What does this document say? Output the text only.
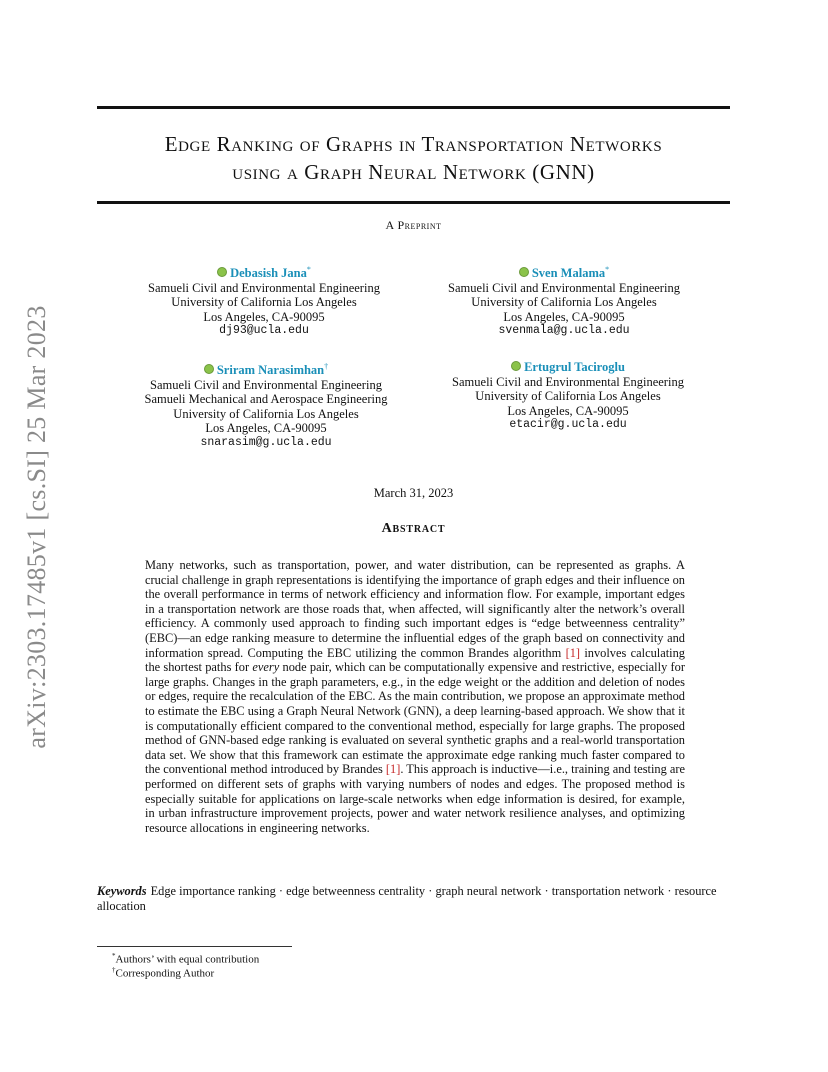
arXiv:2303.17485v1 [cs.SI] 25 Mar 2023
Edge Ranking of Graphs in Transportation Networks
using a Graph Neural Network (GNN)
A Preprint
Debasish Jana*
Samueli Civil and Environmental Engineering
University of California Los Angeles
Los Angeles, CA-90095
dj93@ucla.edu
Sven Malama*
Samueli Civil and Environmental Engineering
University of California Los Angeles
Los Angeles, CA-90095
svenmala@g.ucla.edu
Sriram Narasimhan†
Samueli Civil and Environmental Engineering
Samueli Mechanical and Aerospace Engineering
University of California Los Angeles
Los Angeles, CA-90095
snarasim@g.ucla.edu
Ertugrul Taciroglu
Samueli Civil and Environmental Engineering
University of California Los Angeles
Los Angeles, CA-90095
etacir@g.ucla.edu
March 31, 2023
Abstract
Many networks, such as transportation, power, and water distribution, can be represented as graphs. A crucial challenge in graph representations is identifying the importance of graph edges and their influence on the overall performance in terms of network efficiency and information flow. For example, important edges in a transportation network are those roads that, when affected, will significantly alter the network’s overall efficiency. A commonly used approach to finding such important edges is “edge betweenness centrality” (EBC)—an edge ranking measure to determine the influential edges of the graph based on connectivity and information spread. Computing the EBC utilizing the common Brandes algorithm [1] involves calculating the shortest paths for every node pair, which can be computationally expensive and restrictive, especially for large graphs. Changes in the graph parameters, e.g., in the edge weight or the addition and deletion of nodes or edges, require the recalculation of the EBC. As the main contribution, we propose an approximate method to estimate the EBC using a Graph Neural Network (GNN), a deep learning-based approach. We show that it is computationally efficient compared to the conventional method, especially for large graphs. The proposed method of GNN-based edge ranking is evaluated on several synthetic graphs and a real-world transportation data set. We show that this framework can estimate the approximate edge ranking much faster compared to the conventional method introduced by Brandes [1]. This approach is inductive—i.e., training and testing are performed on different sets of graphs with varying numbers of nodes and edges. The proposed method is especially suitable for applications on large-scale networks when edge information is desired, for example, in urban infrastructure improvement projects, power and water network resilience analyses, and optimizing resource allocations in engineering networks.
Keywords Edge importance ranking · edge betweenness centrality · graph neural network · transportation network · resource allocation
*Authors’ with equal contribution
†Corresponding Author
